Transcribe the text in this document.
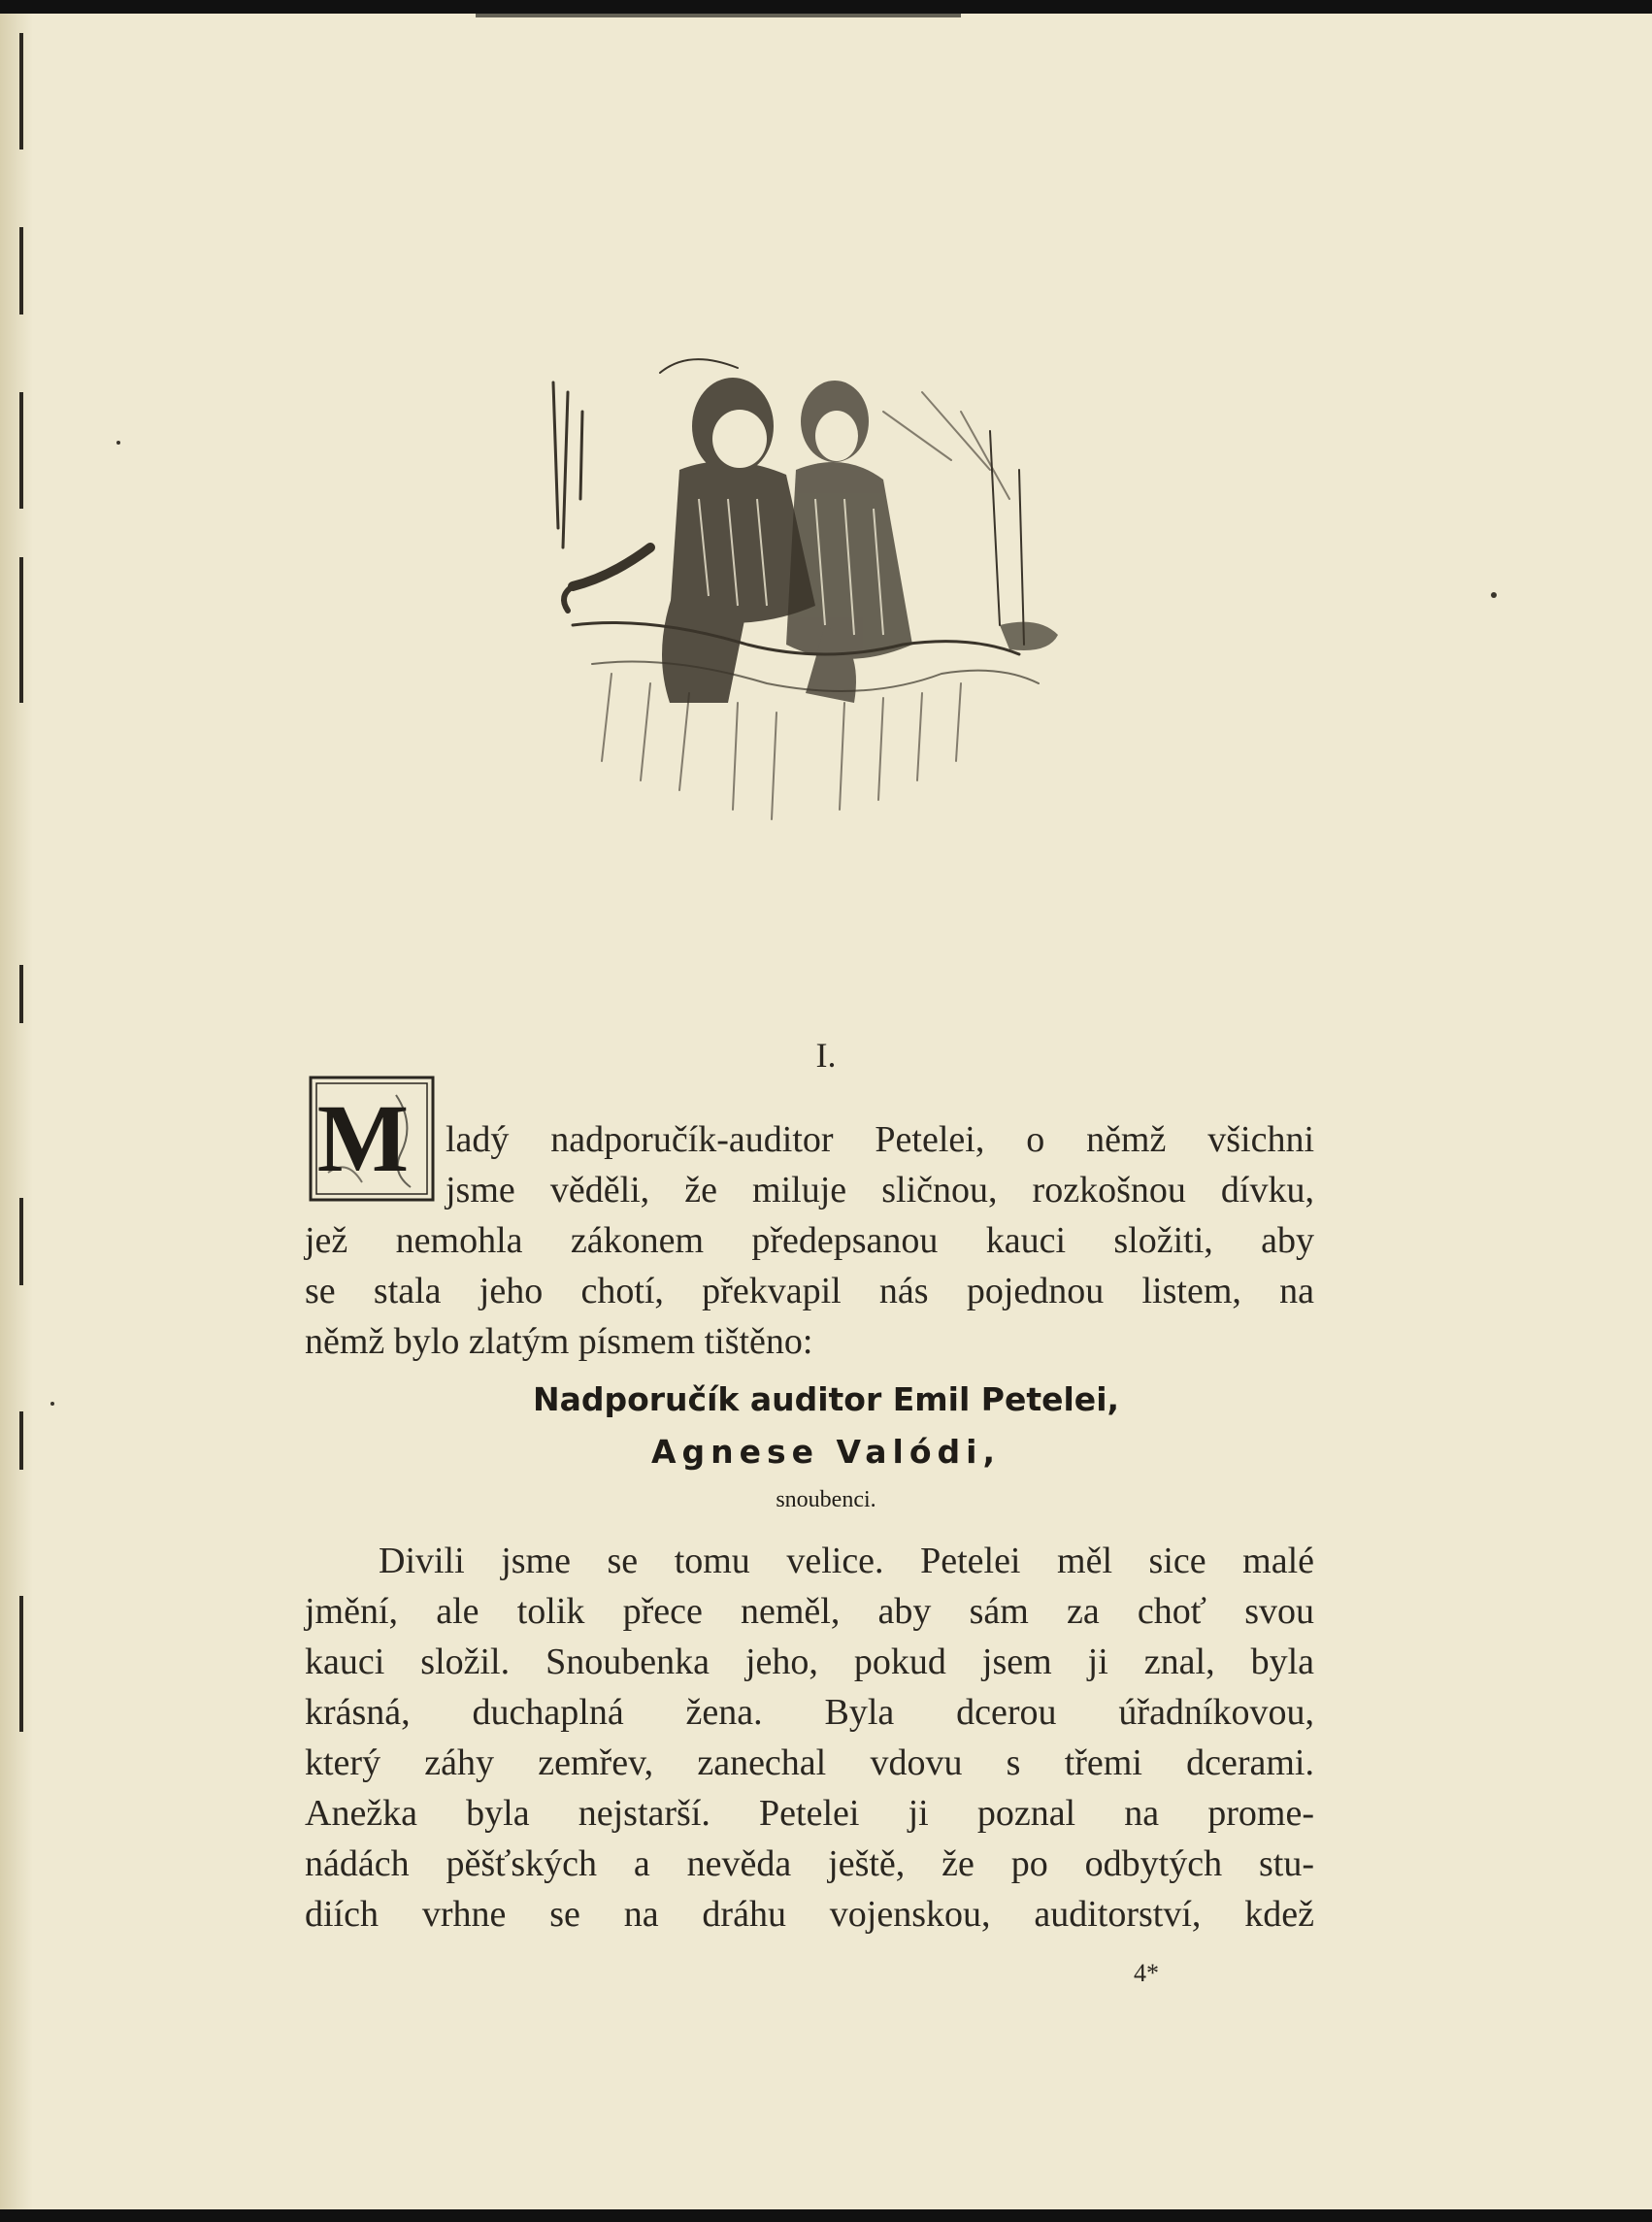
I.
M ladý nadporučík-auditor Petelei, o němž všichni
jsme věděli, že miluje sličnou, rozkošnou dívku,
jež nemohla zákonem předepsanou kauci složiti, aby
se stala jeho chotí, překvapil nás pojednou listem, na
němž bylo zlatým písmem tištěno:
Nadporučík auditor Emil Petelei,
Agnese Valódi,
snoubenci.
Divili jsme se tomu velice. Petelei měl sice malé
jmění, ale tolik přece neměl, aby sám za choť svou
kauci složil. Snoubenka jeho, pokud jsem ji znal, byla
krásná, duchaplná žena. Byla dcerou úřadníkovou,
který záhy zemřev, zanechal vdovu s třemi dcerami.
Anežka byla nejstarší. Petelei ji poznal na prome-
nádách pěšťských a nevěda ještě, že po odbytých stu-
diích vrhne se na dráhu vojenskou, auditorství, kdež
4*
